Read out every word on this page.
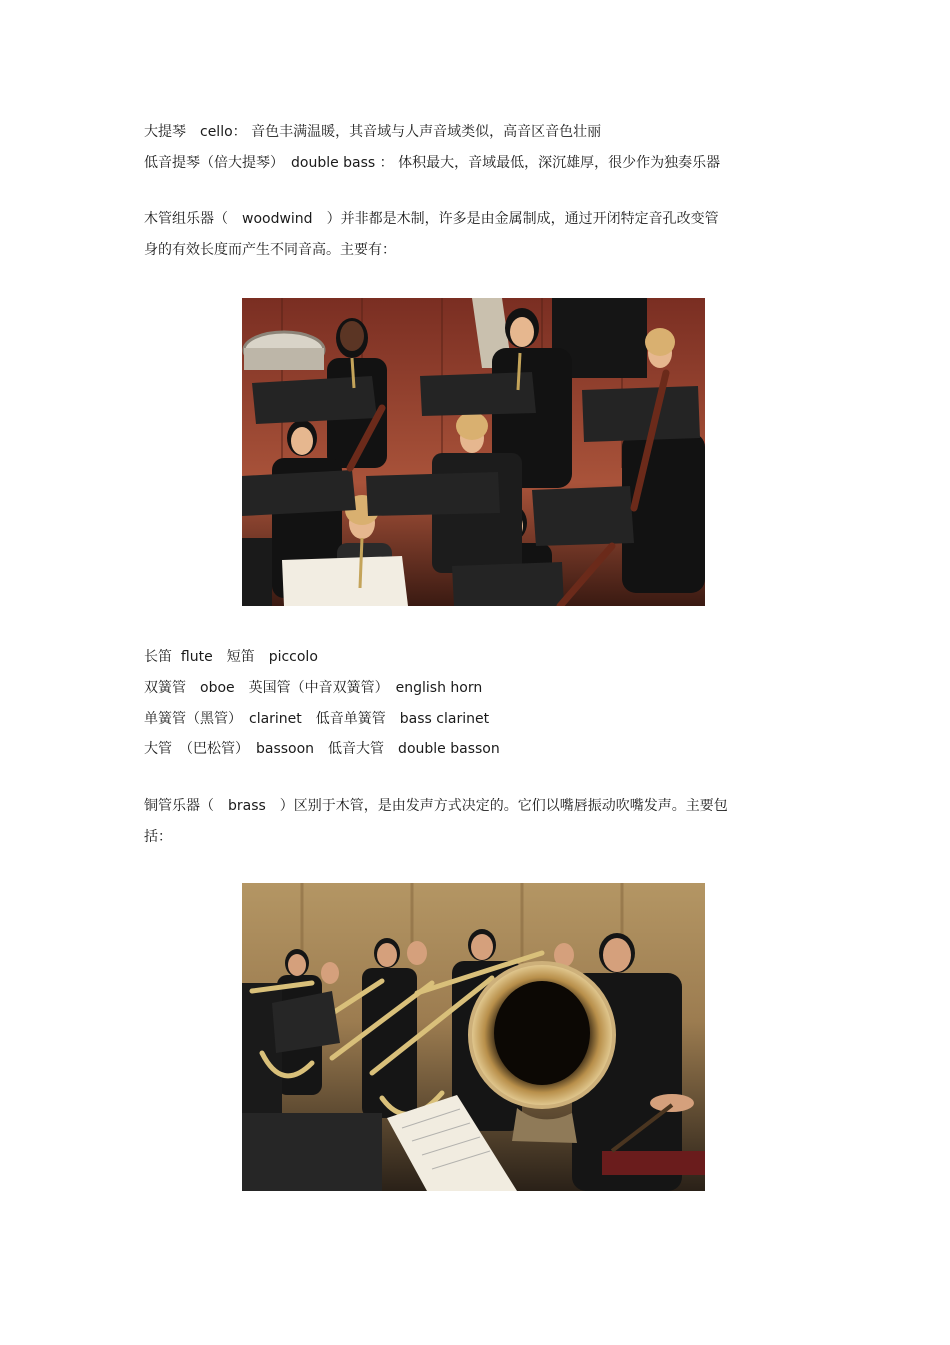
大提琴　cello： 音色丰满温暖，其音域与人声音域类似，高音区音色壮丽
低音提琴（倍大提琴）　double bass ： 体积最大，音域最低，深沉雄厚，很少作为独奏乐器
木管组乐器（　woodwind　）并非都是木制，许多是由金属制成，通过开闭特定音孔改变管
身的有效长度而产生不同音高。主要有：
长笛  flute　短笛　piccolo
双簧管　oboe　英国管（中音双簧管）　english horn
单簧管（黑管）　clarinet　低音单簧管　bass clarinet
大管　（巴松管）　bassoon　低音大管　double basson
铜管乐器（　brass　）区别于木管，是由发声方式决定的。它们以嘴唇振动吹嘴发声。主要包
括：
